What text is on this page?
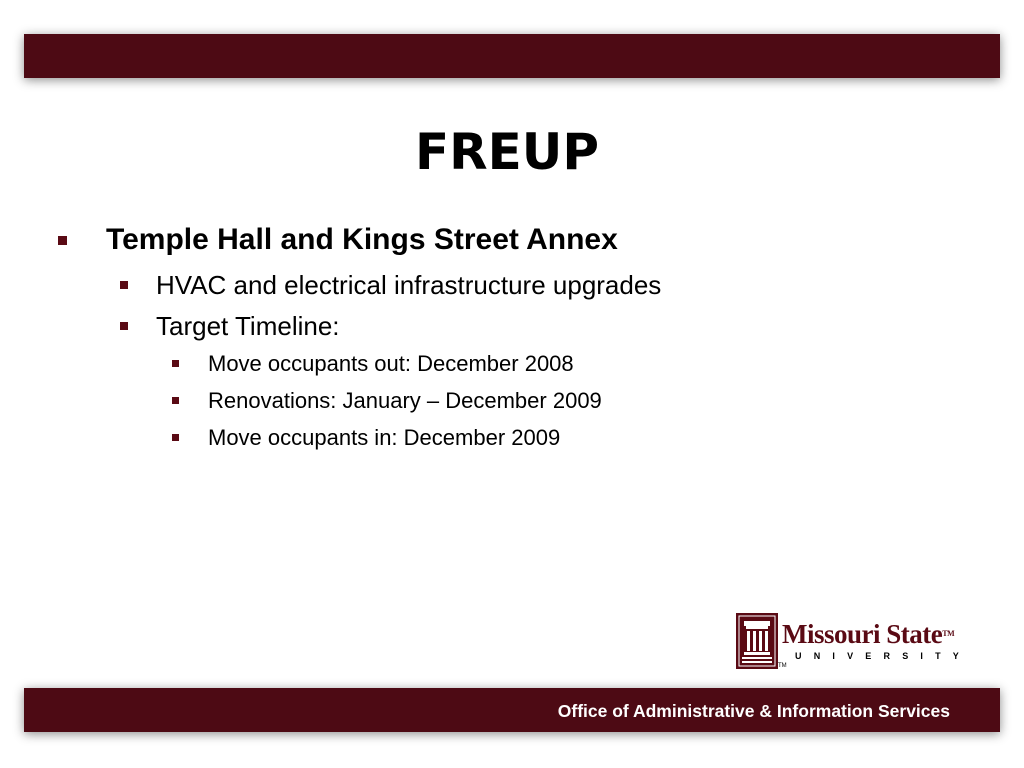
FREUP
Temple Hall and Kings Street Annex
HVAC and electrical infrastructure upgrades
Target Timeline:
Move occupants out: December 2008
Renovations: January – December 2009
Move occupants in: December 2009
Missouri State™
UNIVERSITY
TM
Office of Administrative & Information Services
